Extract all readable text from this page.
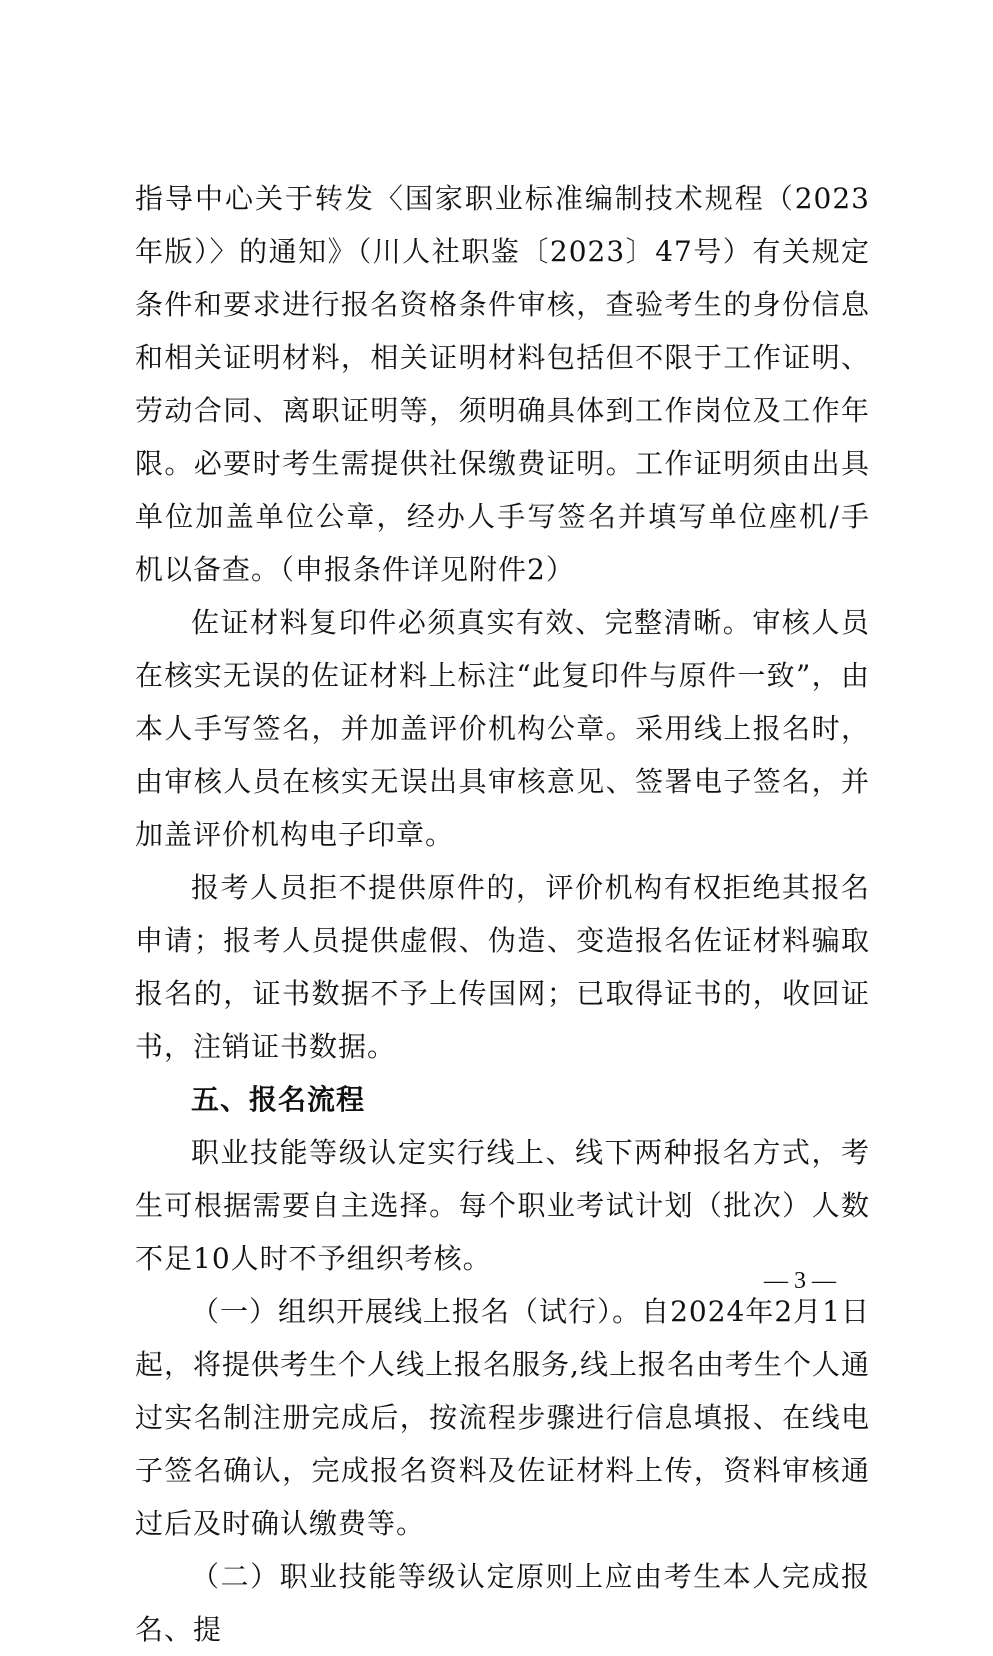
指导中心关于转发〈国家职业标准编制技术规程（2023年版）〉的通知》（川人社职鉴〔2023〕47号）有关规定条件和要求进行报名资格条件审核，查验考生的身份信息和相关证明材料，相关证明材料包括但不限于工作证明、劳动合同、离职证明等，须明确具体到工作岗位及工作年限。必要时考生需提供社保缴费证明。工作证明须由出具单位加盖单位公章，经办人手写签名并填写单位座机/手机以备查。（申报条件详见附件2）

佐证材料复印件必须真实有效、完整清晰。审核人员在核实无误的佐证材料上标注“此复印件与原件一致”，由本人手写签名，并加盖评价机构公章。采用线上报名时，由审核人员在核实无误出具审核意见、签署电子签名，并加盖评价机构电子印章。

报考人员拒不提供原件的，评价机构有权拒绝其报名申请；报考人员提供虚假、伪造、变造报名佐证材料骗取报名的，证书数据不予上传国网；已取得证书的，收回证书，注销证书数据。

五、报名流程

职业技能等级认定实行线上、线下两种报名方式，考生可根据需要自主选择。每个职业考试计划（批次）人数不足10人时不予组织考核。

（一）组织开展线上报名（试行）。自2024年2月1日起，将提供考生个人线上报名服务,线上报名由考生个人通过实名制注册完成后，按流程步骤进行信息填报、在线电子签名确认，完成报名资料及佐证材料上传，资料审核通过后及时确认缴费等。

（二）职业技能等级认定原则上应由考生本人完成报名、提

— 3 —
